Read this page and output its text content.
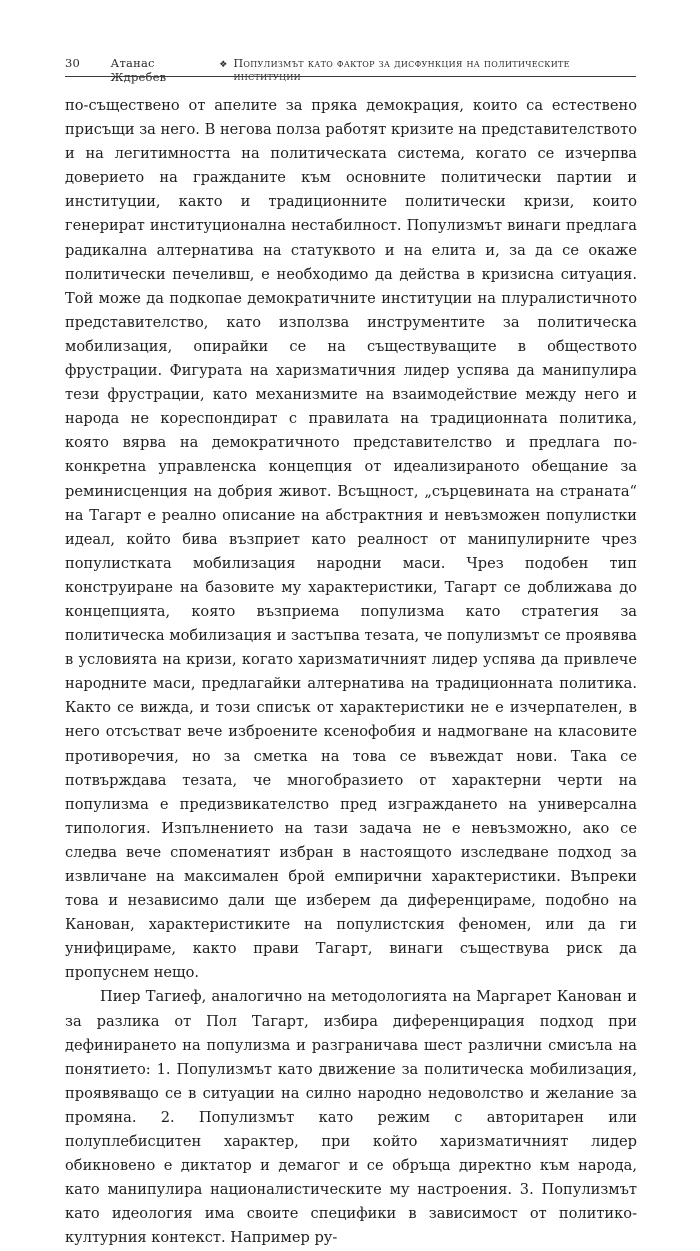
30	Атанас Ждребев
❖ Популизмът като фактор за дисфункция на политическите институции

по-съществено от апелите за пряка демокрация, които са естествено присъщи за него. В негова полза работят кризите на представителството и на легитимността на политическата система, когато се изчерпва доверието на гражданите към основните политически партии и институции, както и традиционните политически кризи, които генерират институционална нестабилност. Популизмът винаги предлага радикална алтернатива на статуквото и на елита и, за да се окаже политически печеливш, е необходимо да действа в кризисна ситуация. Той може да подкопае демократичните институции на плуралистичното представителство, като използва инструментите за политическа мобилизация, опирайки се на съществуващите в обществото фрустрации. Фигурата на харизматичния лидер успява да манипулира тези фрустрации, като механизмите на взаимодействие между него и народа не кореспондират с правилата на традиционната политика, която вярва на демократичното представителство и предлага по-конкретна управленска концепция от идеализираното обещание за реминисценция на добрия живот. Всъщност, „сърцевината на страната“ на Тагарт е реално описание на абстрактния и невъзможен популистки идеал, който бива възприет като реалност от манипулирните чрез популистката мобилизация народни маси. Чрез подобен тип конструиране на базовите му характеристики, Тагарт се доближава до концепцията, която възприема популизма като стратегия за политическа мобилизация и застъпва тезата, че популизмът се проявява в условията на кризи, когато харизматичният лидер успява да привлече народните маси, предлагайки алтернатива на традиционната политика. Както се вижда, и този списък от характеристики не е изчерпателен, в него отсъстват вече изброените ксенофобия и надмогване на класовите противоречия, но за сметка на това се въвеждат нови. Така се потвърждава тезата, че многобразието от характерни черти на популизма е предизвикателство пред изграждането на универсална типология. Изпълнението на тази задача не е невъзможно, ако се следва вече споменатият избран в настоящото изследване подход за извличане на максимален брой емпирични характеристики. Въпреки това и независимо дали ще изберем да диференцираме, подобно на Канован, характеристиките на популистския феномен, или да ги унифицираме, както прави Тагарт, винаги съществува риск да пропуснем нещо.

Пиер Тагиеф, аналогично на методологията на Маргарет Канован и за разлика от Пол Тагарт, избира диференцирация подход при дефинирането на популизма и разграничава шест различни смисъла на понятието: 1. Популизмът като движение за политическа мобилизация, проявяващо се в ситуации на силно народно недоволство и желание за промяна. 2. Популизмът като режим с авторитарен или полуплебисцитен характер, при който харизматичният лидер обикновено е диктатор и демагог и се обръща директно към народа, като манипулира националистическите му настроения. 3. Популизмът като идеология има своите специфики в зависимост от политико-културния контекст. Например ру-
